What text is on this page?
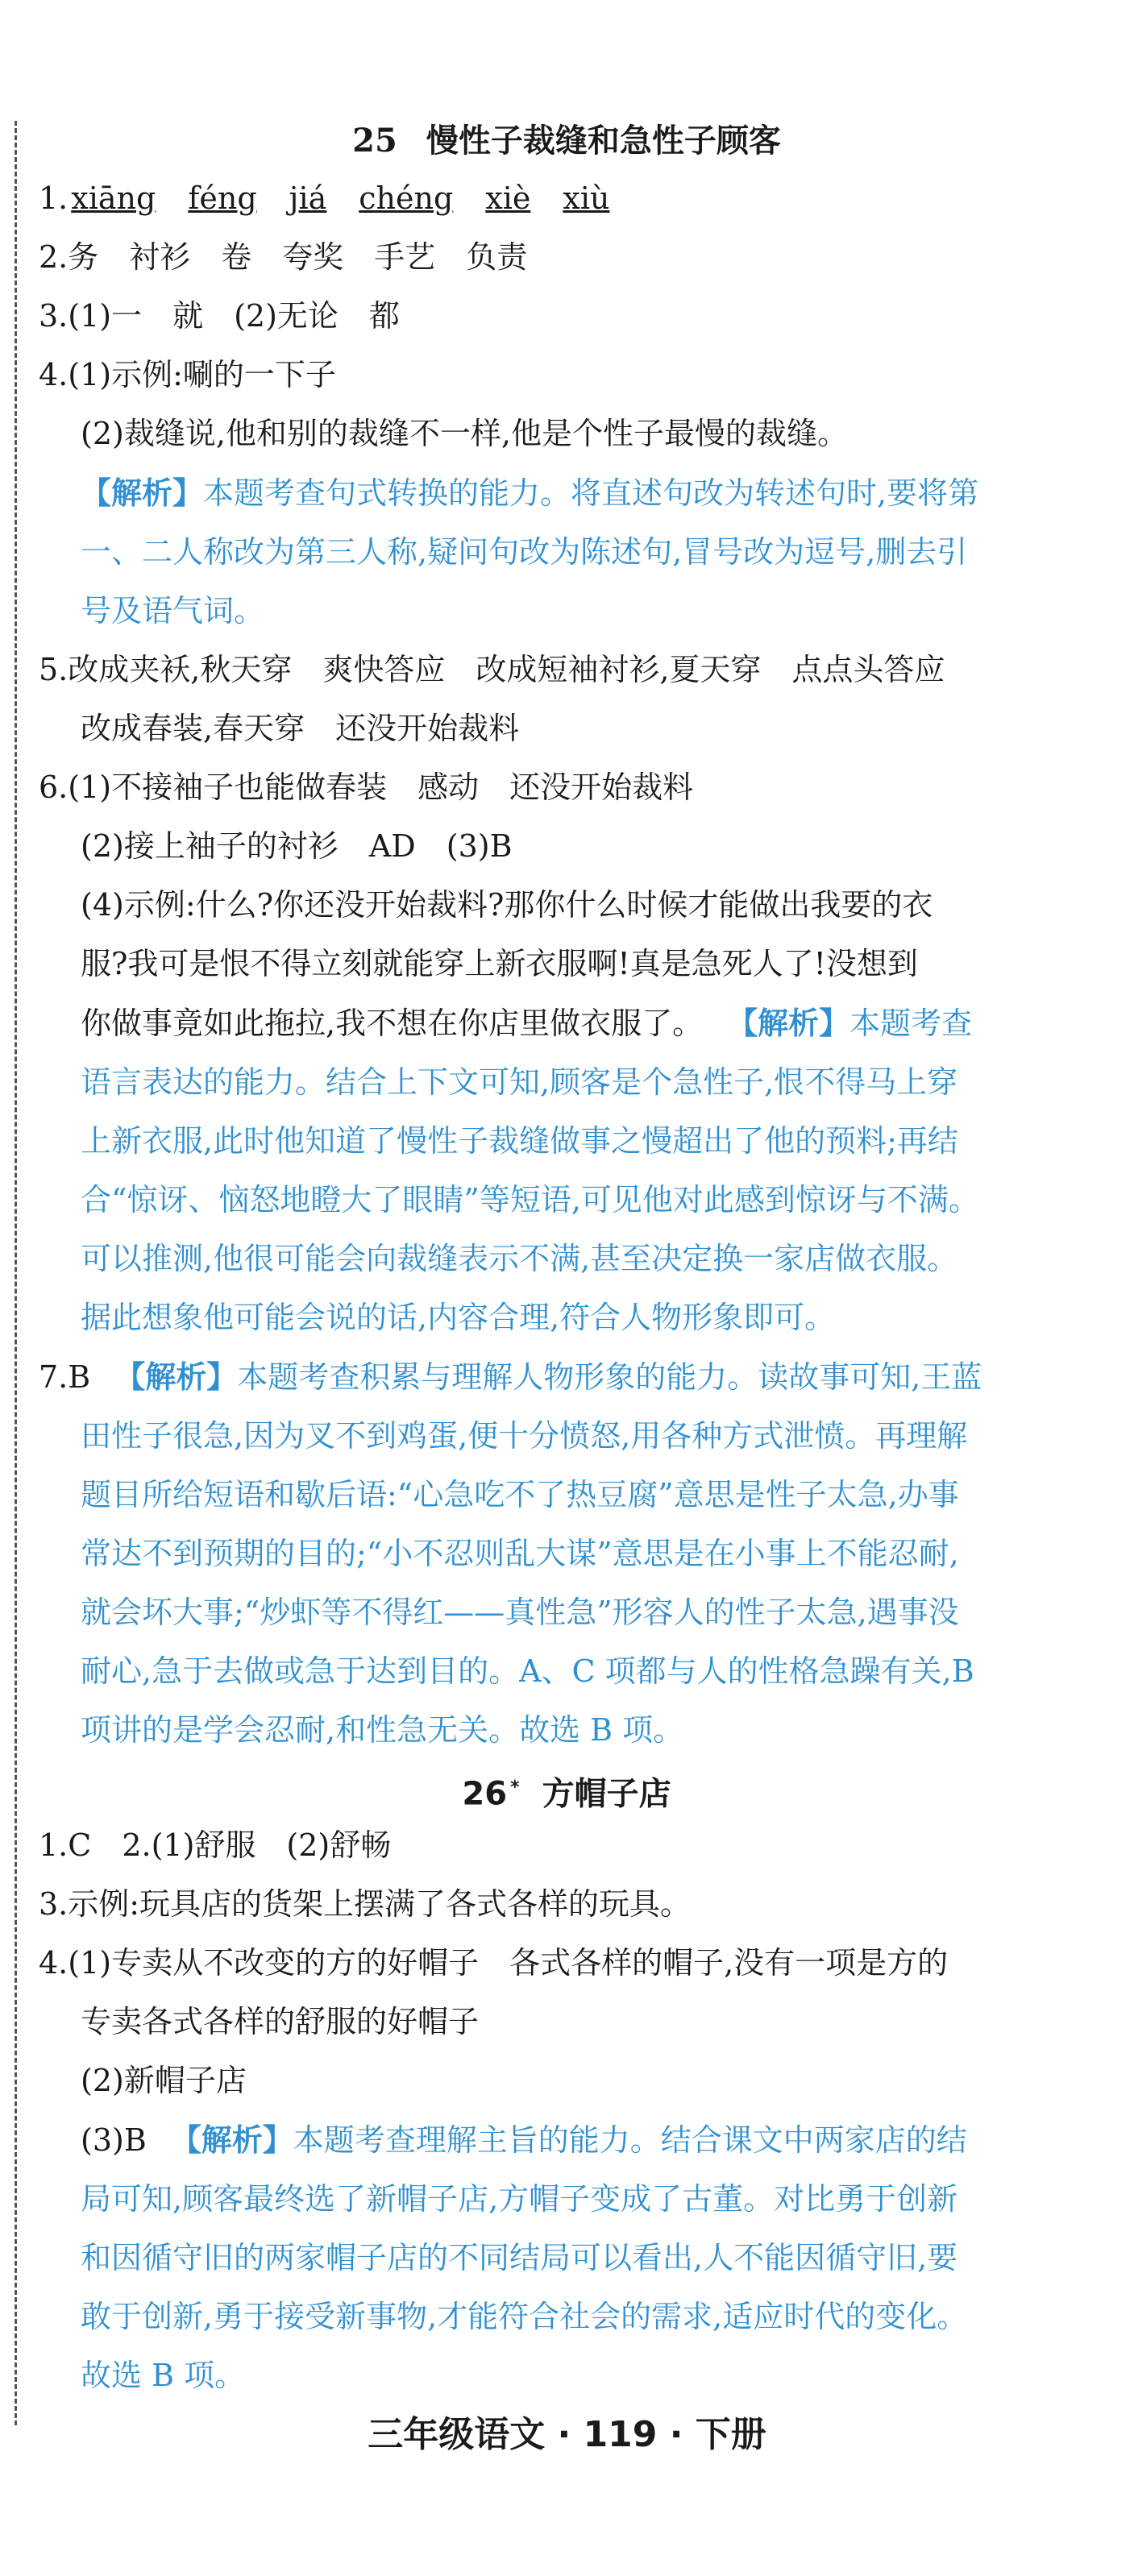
25 慢性子裁缝和急性子顾客
1. xiāng féng jiá chéng xiè xiù
2.务　衬衫　卷　夸奖　手艺　负责
3.(1)一　就　(2)无论　都
4.(1)示例:唰的一下子
(2)裁缝说,他和别的裁缝不一样,他是个性子最慢的裁缝。
【解析】本题考查句式转换的能力。将直述句改为转述句时,要将第
一、二人称改为第三人称,疑问句改为陈述句,冒号改为逗号,删去引
号及语气词。
5.改成夹袄,秋天穿　爽快答应　改成短袖衬衫,夏天穿　点点头答应
改成春装,春天穿　还没开始裁料
6.(1)不接袖子也能做春装　感动　还没开始裁料
(2)接上袖子的衬衫　AD　(3)B
(4)示例:什么?你还没开始裁料?那你什么时候才能做出我要的衣
服?我可是恨不得立刻就能穿上新衣服啊!真是急死人了!没想到
你做事竟如此拖拉,我不想在你店里做衣服了。 【解析】本题考查
语言表达的能力。结合上下文可知,顾客是个急性子,恨不得马上穿
上新衣服,此时他知道了慢性子裁缝做事之慢超出了他的预料;再结
合“惊讶、恼怒地瞪大了眼睛”等短语,可见他对此感到惊讶与不满。
可以推测,他很可能会向裁缝表示不满,甚至决定换一家店做衣服。
据此想象他可能会说的话,内容合理,符合人物形象即可。
7.B 【解析】本题考查积累与理解人物形象的能力。读故事可知,王蓝
田性子很急,因为叉不到鸡蛋,便十分愤怒,用各种方式泄愤。再理解
题目所给短语和歇后语:“心急吃不了热豆腐”意思是性子太急,办事
常达不到预期的目的;“小不忍则乱大谋”意思是在小事上不能忍耐,
就会坏大事;“炒虾等不得红——真性急”形容人的性子太急,遇事没
耐心,急于去做或急于达到目的。A、C 项都与人的性格急躁有关,B
项讲的是学会忍耐,和性急无关。故选 B 项。
26 * 方帽子店
1.C　2.(1)舒服　(2)舒畅
3.示例:玩具店的货架上摆满了各式各样的玩具。
4.(1)专卖从不改变的方的好帽子　各式各样的帽子,没有一项是方的
专卖各式各样的舒服的好帽子
(2)新帽子店
(3)B 【解析】本题考查理解主旨的能力。结合课文中两家店的结
局可知,顾客最终选了新帽子店,方帽子变成了古董。对比勇于创新
和因循守旧的两家帽子店的不同结局可以看出,人不能因循守旧,要
敢于创新,勇于接受新事物,才能符合社会的需求,适应时代的变化。
故选 B 项。
三年级语文 · 119 · 下册
